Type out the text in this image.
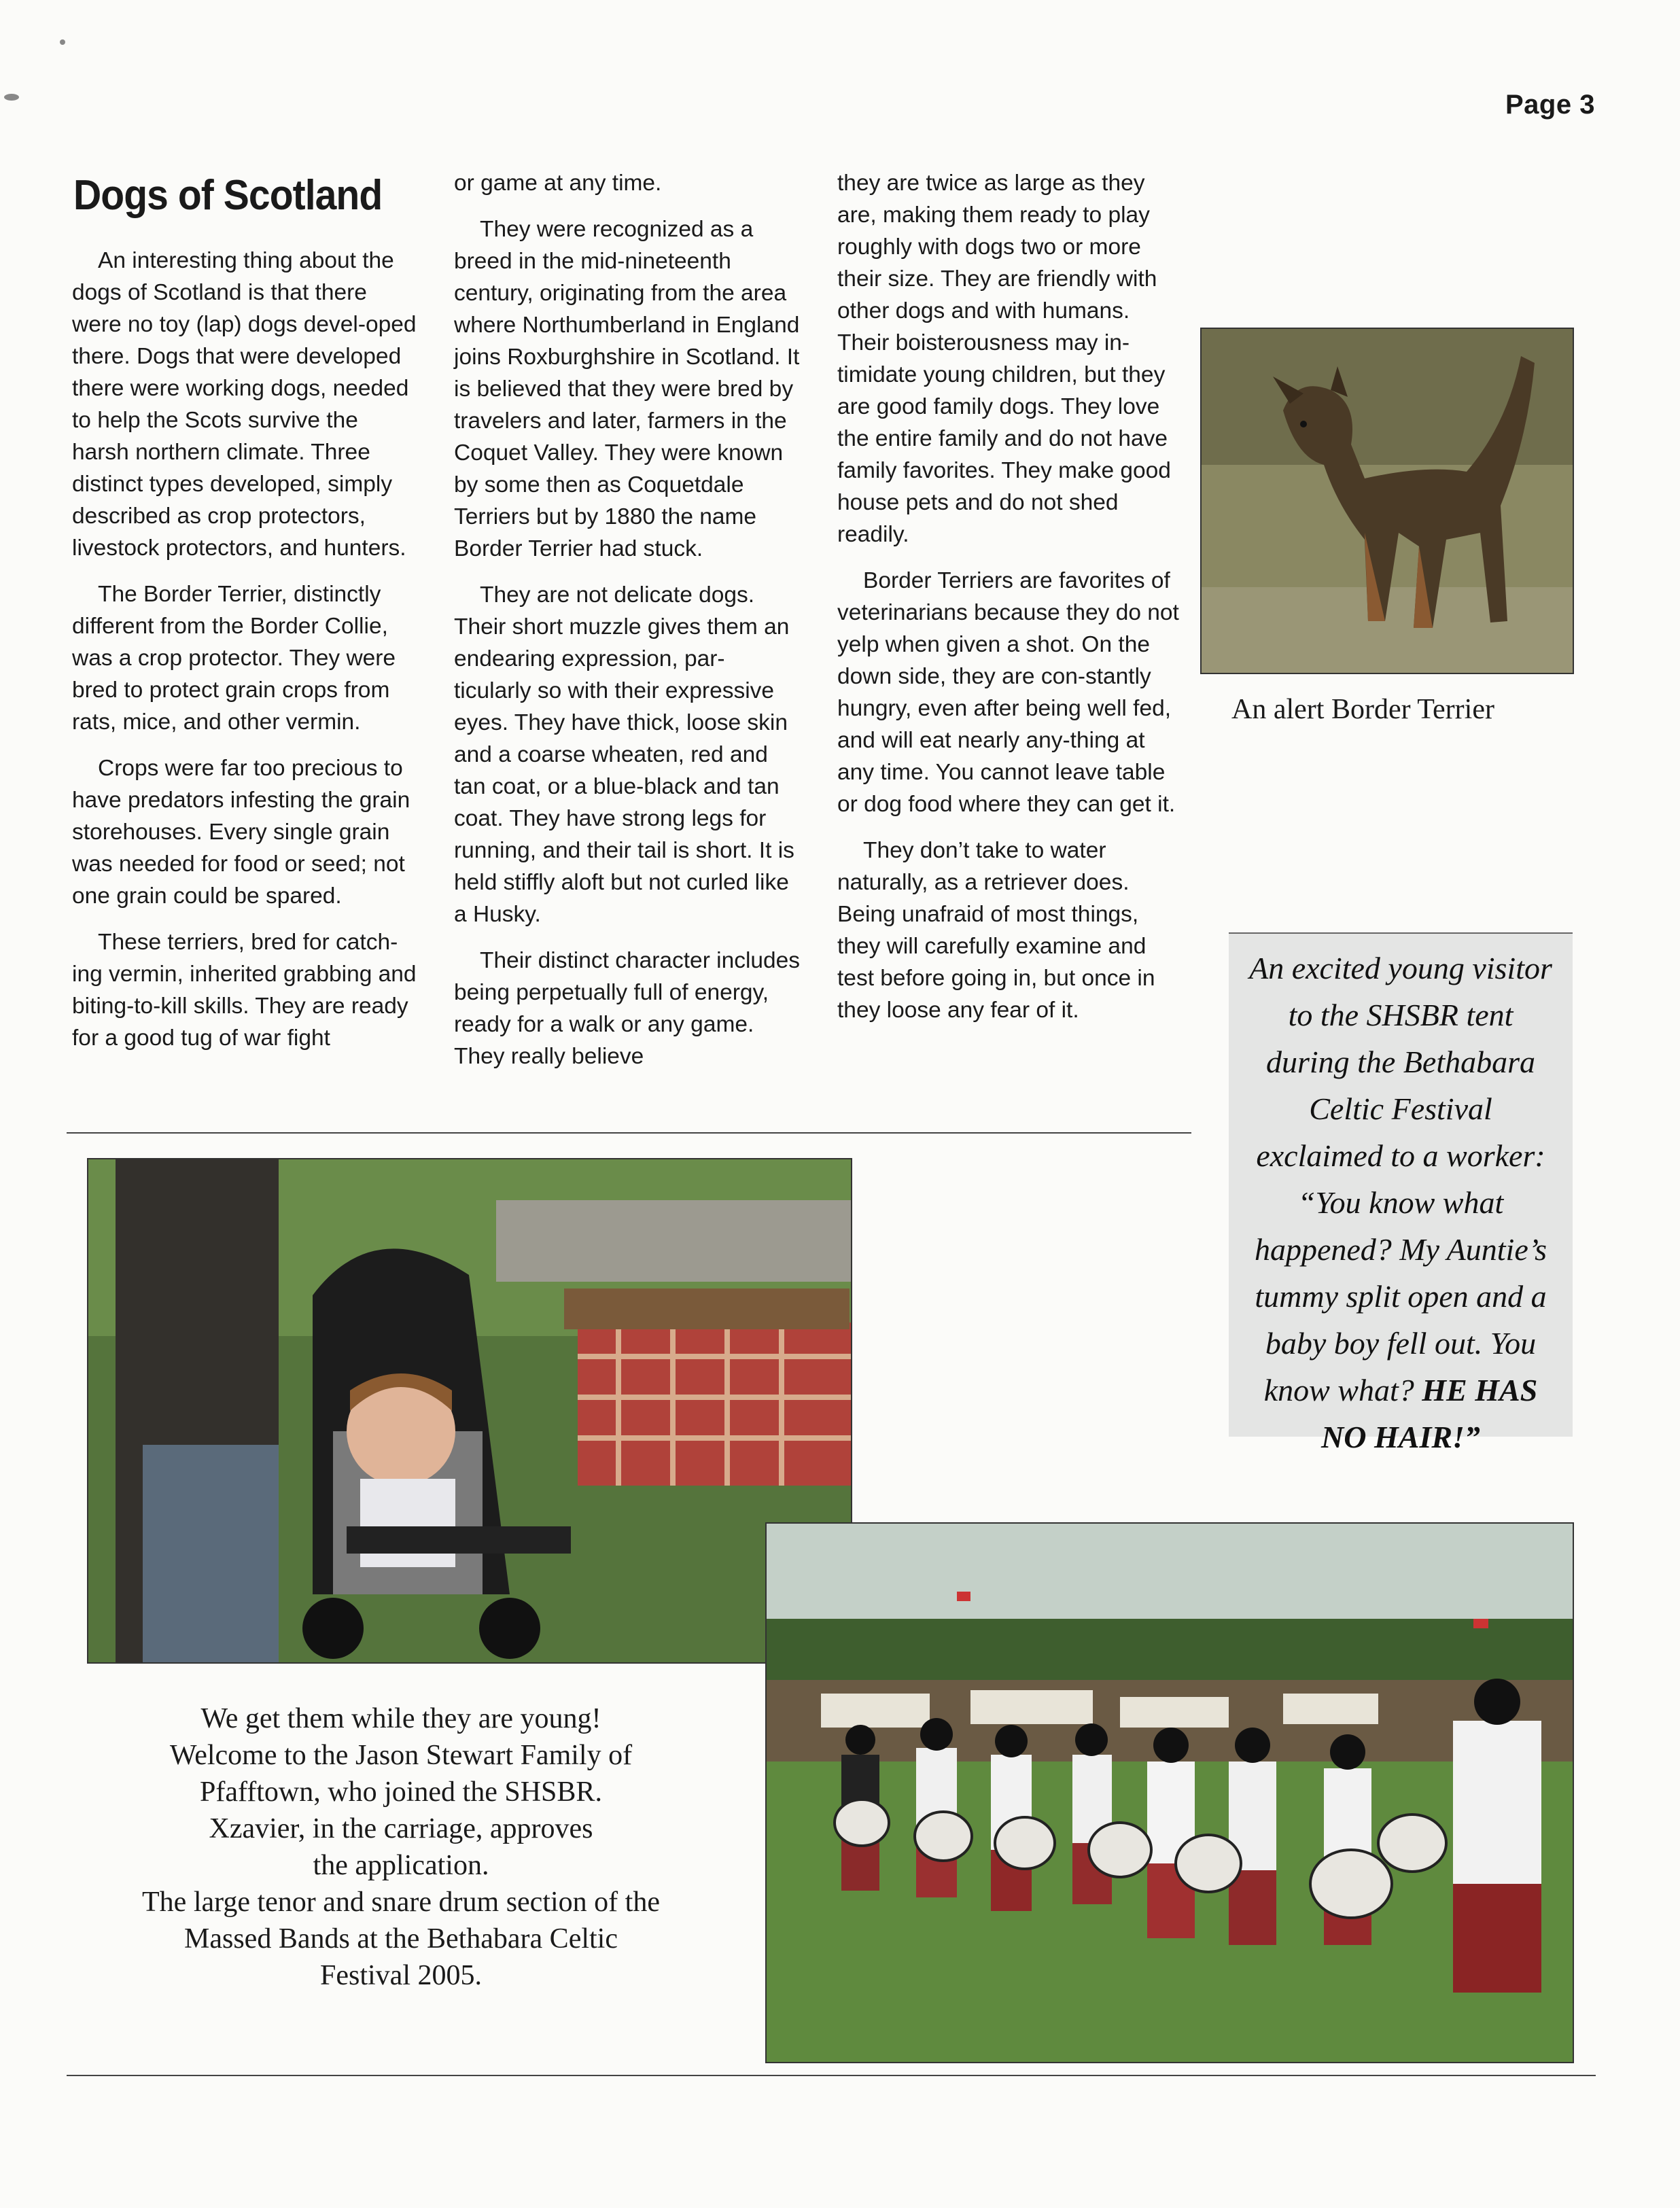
Page 3
Dogs of Scotland

An interesting thing about the dogs of Scotland is that there were no toy (lap) dogs devel-oped there. Dogs that were developed there were working dogs, needed to help the Scots survive the harsh northern climate. Three distinct types developed, simply described as crop protectors, livestock protectors, and hunters.

The Border Terrier, distinctly different from the Border Collie, was a crop protector. They were bred to protect grain crops from rats, mice, and other vermin.

Crops were far too precious to have predators infesting the grain storehouses. Every single grain was needed for food or seed; not one grain could be spared.

These terriers, bred for catch-ing vermin, inherited grabbing and biting-to-kill skills. They are ready for a good tug of war fight

or game at any time.

They were recognized as a breed in the mid-nineteenth century, originating from the area where Northumberland in England joins Roxburghshire in Scotland. It is believed that they were bred by travelers and later, farmers in the Coquet Valley. They were known by some then as Coquetdale Terriers but by 1880 the name Border Terrier had stuck.

They are not delicate dogs. Their short muzzle gives them an endearing expression, par-ticularly so with their expressive eyes. They have thick, loose skin and a coarse wheaten, red and tan coat, or a blue-black and tan coat. They have strong legs for running, and their tail is short. It is held stiffly aloft but not curled like a Husky.

Their distinct character includes being perpetually full of energy, ready for a walk or any game. They really believe

they are twice as large as they are, making them ready to play roughly with dogs two or more their size. They are friendly with other dogs and with humans. Their boisterousness may in-timidate young children, but they are good family dogs. They love the entire family and do not have family favorites. They make good house pets and do not shed readily.

Border Terriers are favorites of veterinarians because they do not yelp when given a shot. On the down side, they are con-stantly hungry, even after being well fed, and will eat nearly any-thing at any time. You cannot leave table or dog food where they can get it.

They don’t take to water naturally, as a retriever does. Being unafraid of most things, they will carefully examine and test before going in, but once in they loose any fear of it.

An alert Border Terrier
An excited young visitor to the SHSBR tent during the Bethabara Celtic Festival exclaimed to a worker: “You know what happened? My Auntie’s tummy split open and a baby boy fell out. You know what? HE HAS NO HAIR!”
We get them while they are young!
Welcome to the Jason Stewart Family of
Pfafftown, who joined the SHSBR.
Xzavier, in the carriage, approves
the application.
The large tenor and snare drum section of the
Massed Bands at the Bethabara Celtic
Festival 2005.
